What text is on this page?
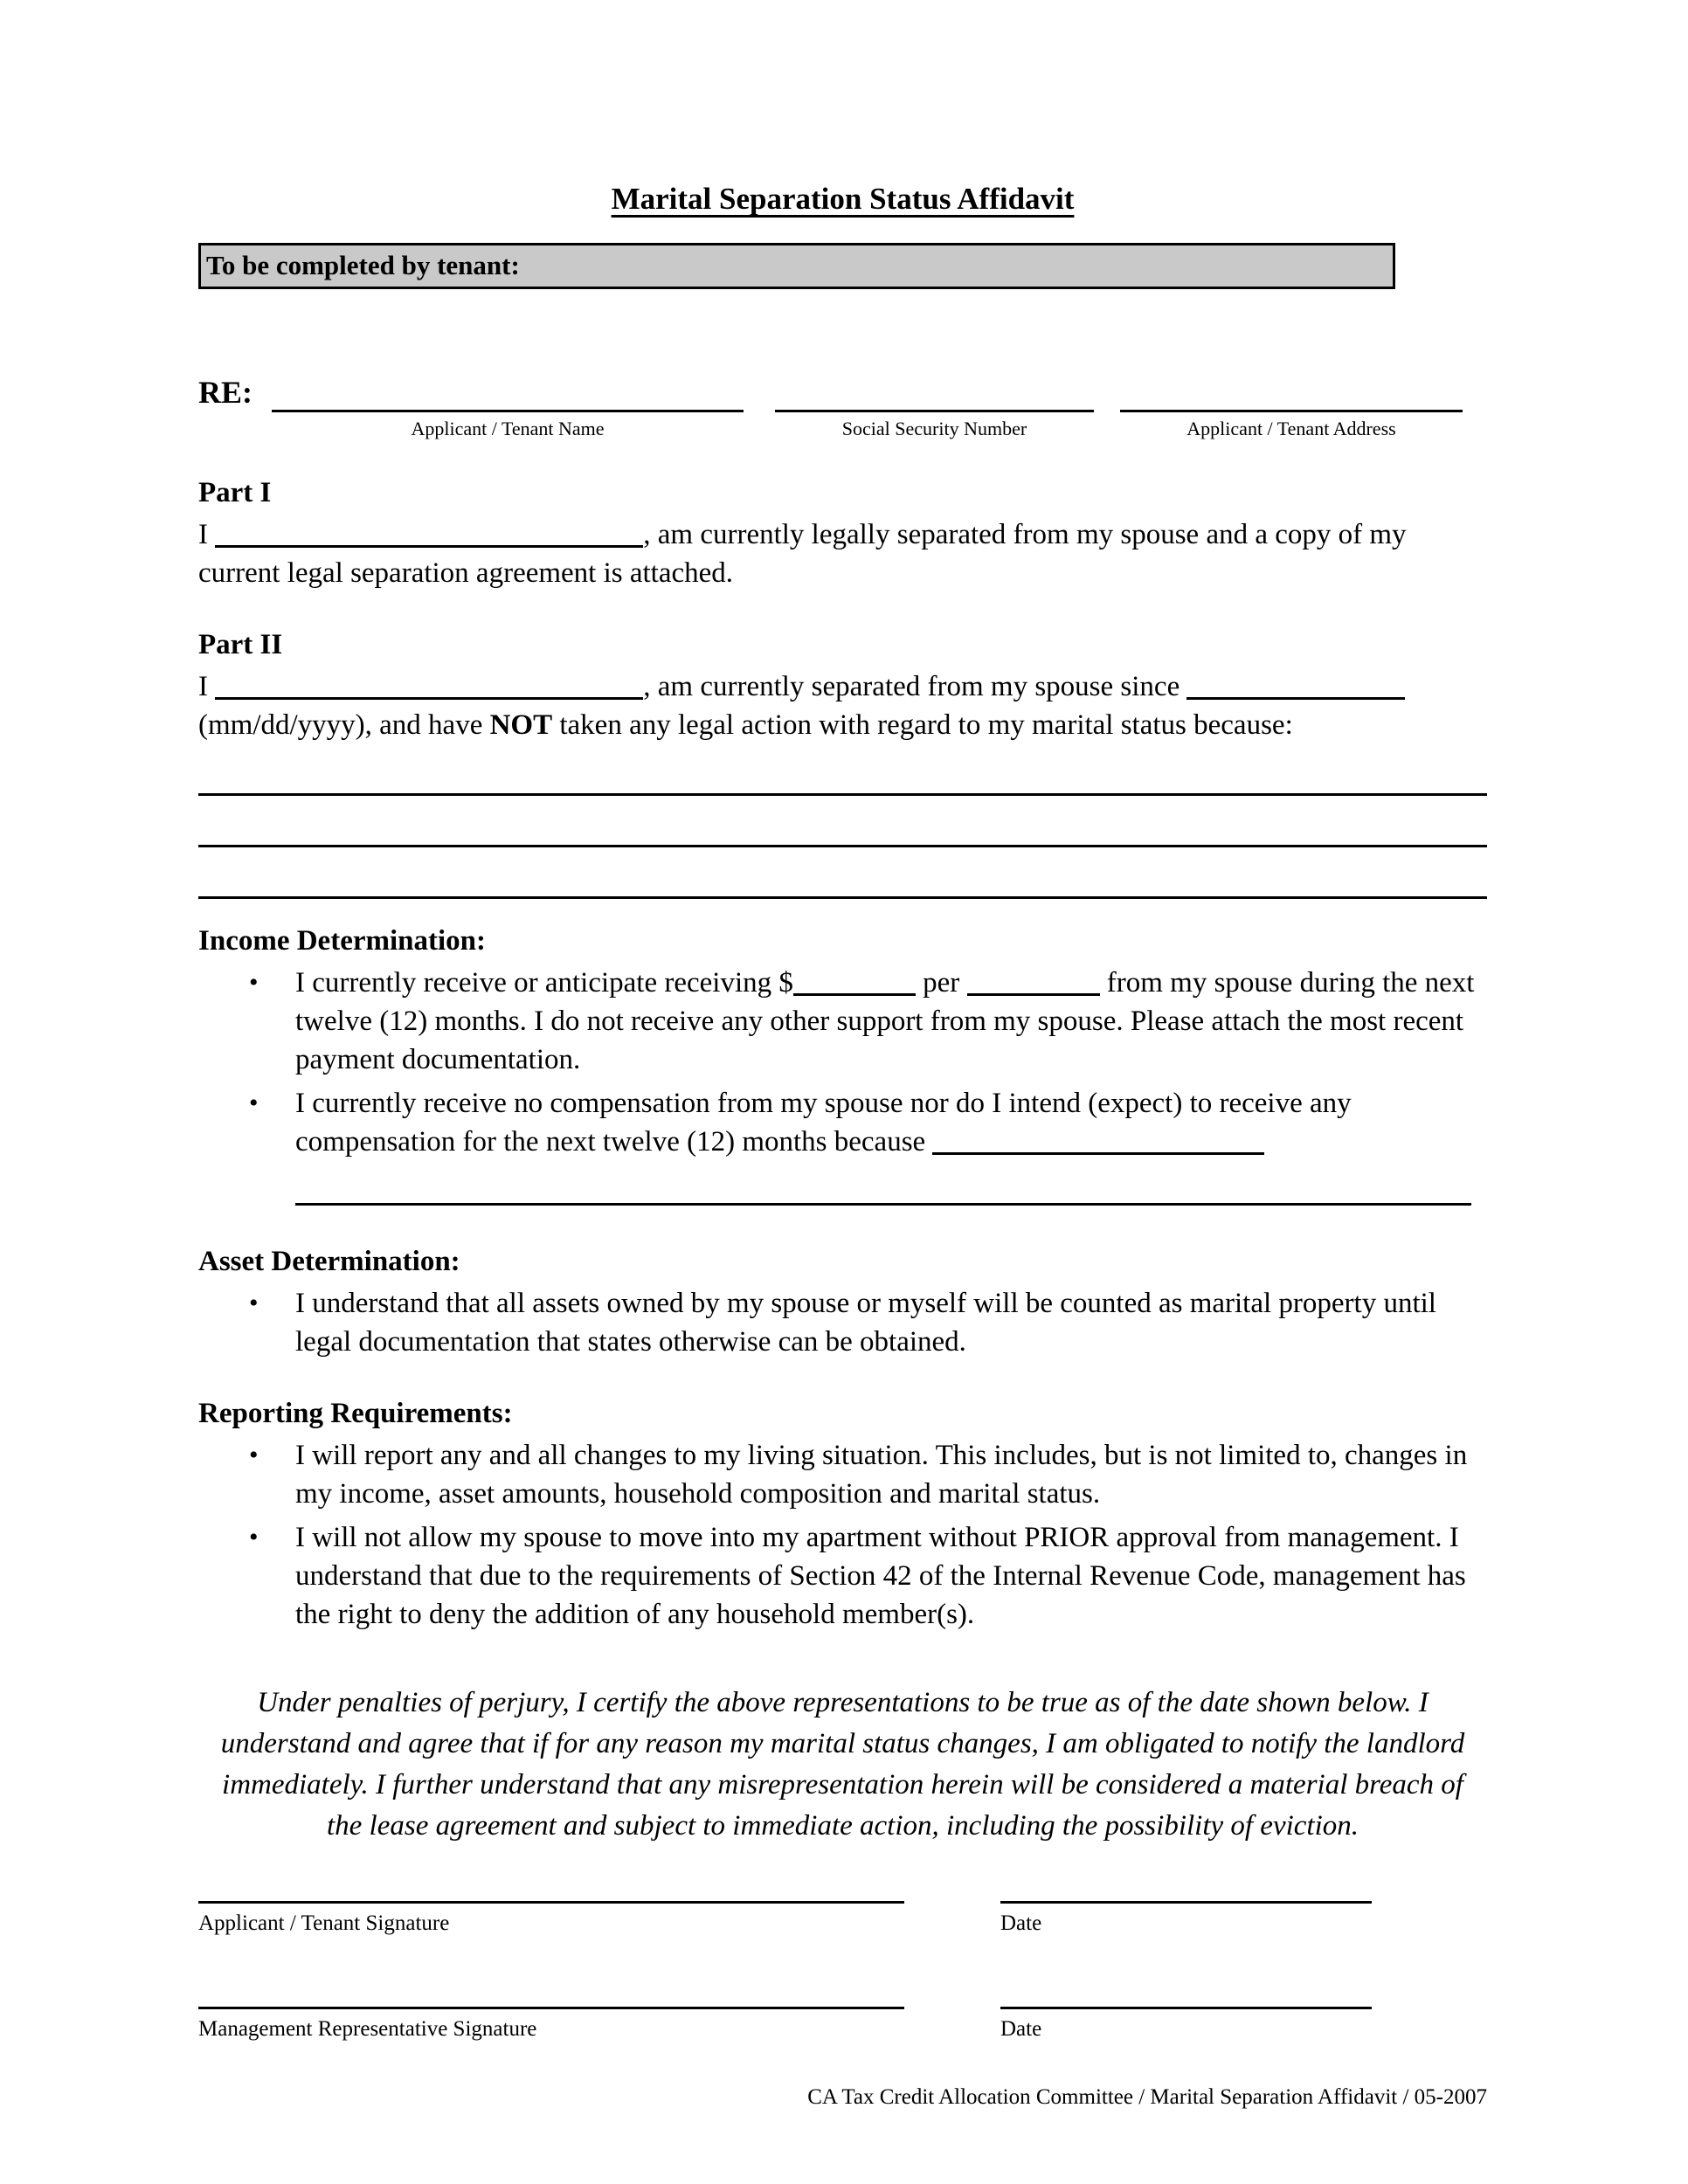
Marital Separation Status Affidavit
To be completed by tenant:
RE:
Applicant / Tenant Name	Social Security Number	Applicant / Tenant Address
Part I

I	, am currently legally separated from my spouse and a copy of my current legal separation agreement is attached.

Part II

I	, am currently separated from my spouse since  (mm/dd/yyyy), and have NOT taken any legal action with regard to my marital status because:

Income Determination:
•	I currently receive or anticipate receiving $	per	from my spouse during the next twelve (12) months. I do not receive any other support from my spouse. Please attach the most recent payment documentation.
•	I currently receive no compensation from my spouse nor do I intend (expect) to receive any compensation for the next twelve (12) months because
Asset Determination:
•	I understand that all assets owned by my spouse or myself will be counted as marital property until legal documentation that states otherwise can be obtained.
Reporting Requirements:
•	I will report any and all changes to my living situation. This includes, but is not limited to, changes in my income, asset amounts, household composition and marital status.
•	I will not allow my spouse to move into my apartment without PRIOR approval from management. I understand that due to the requirements of Section 42 of the Internal Revenue Code, management has the right to deny the addition of any household member(s).

Under penalties of perjury, I certify the above representations to be true as of the date shown below. I understand and agree that if for any reason my marital status changes, I am obligated to notify the landlord immediately. I further understand that any misrepresentation herein will be considered a material breach of the lease agreement and subject to immediate action, including the possibility of eviction.

Applicant / Tenant Signature	Date
Management Representative Signature	Date
CA Tax Credit Allocation Committee / Marital Separation Affidavit / 05-2007
